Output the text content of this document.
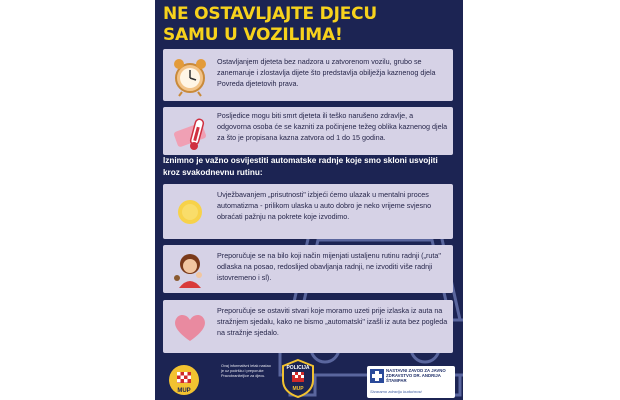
NE OSTAVLJAJTE DJECU
SAMU U VOZILIMA!
Ostavljanjem djeteta bez nadzora u zatvorenom vozilu, grubo se zanemaruje i zlostavlja dijete što predstavlja obilježja kaznenog djela Povreda djetetovih prava.
Posljedice mogu biti smrt djeteta ili teško narušeno zdravlje, a odgovorna osoba će se kazniti za počinjene težeg oblika kaznenog djela za što je propisana kazna zatvora od 1 do 15 godina.
Iznimno je važno osvijestiti automatske radnje koje smo skloni usvojiti kroz svakodnevnu rutinu:
Uvježbavanjem „prisutnosti" izbjeći ćemo ulazak u mentalni proces automatizma - prilikom ulaska u auto dobro je neko vrijeme svjesno obraćati pažnju na pokrete koje izvodimo.
Preporučuje se na bilo koji način mijenjati ustaljenu rutinu radnji („ruta" odlaska na posao, redoslijed obavljanja radnji, ne izvoditi više radnji istovremeno i sl).
Preporučuje se ostaviti stvari koje moramo uzeti prije izlaska iz auta na stražnjem sjedalu, kako ne bismo „automatski" izašli iz auta bez pogleda na stražnje sjedalo.
MUP
Ovaj informativni letak nastao je uz podršku i preporuke Pravobraniteljice za djecu.
POLICIJA
MUP
NASTAVNI ZAVOD ZA JAVNO ZDRAVSTVO DR. ANDRIJA ŠTAMPAR
Stvaramo zdraviju budućnost
